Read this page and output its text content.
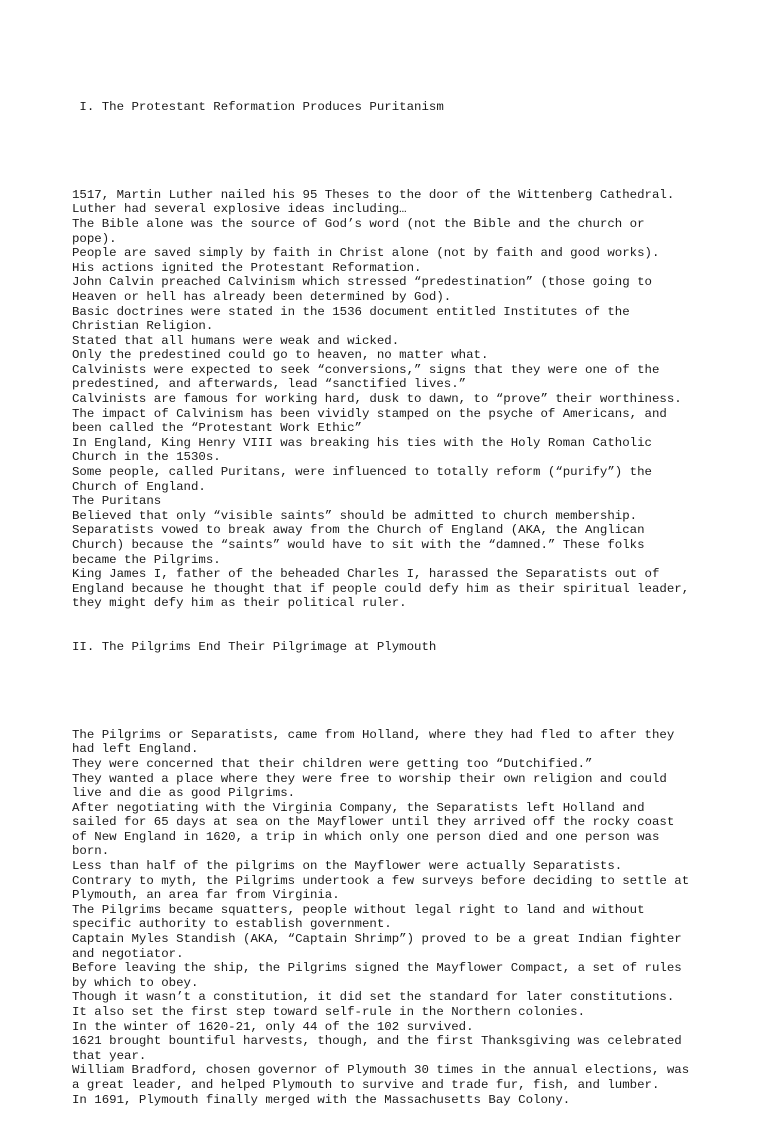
I. The Protestant Reformation Produces Puritanism

1517, Martin Luther nailed his 95 Theses to the door of the Wittenberg Cathedral.
Luther had several explosive ideas including…
The Bible alone was the source of God’s word (not the Bible and the church or
pope).
People are saved simply by faith in Christ alone (not by faith and good works).
His actions ignited the Protestant Reformation.
John Calvin preached Calvinism which stressed “predestination” (those going to
Heaven or hell has already been determined by God).
Basic doctrines were stated in the 1536 document entitled Institutes of the
Christian Religion.
Stated that all humans were weak and wicked.
Only the predestined could go to heaven, no matter what.
Calvinists were expected to seek “conversions,” signs that they were one of the
predestined, and afterwards, lead “sanctified lives.”
Calvinists are famous for working hard, dusk to dawn, to “prove” their worthiness.
The impact of Calvinism has been vividly stamped on the psyche of Americans, and
been called the “Protestant Work Ethic”
In England, King Henry VIII was breaking his ties with the Holy Roman Catholic
Church in the 1530s.
Some people, called Puritans, were influenced to totally reform (“purify”) the
Church of England.
The Puritans
Believed that only “visible saints” should be admitted to church membership.
Separatists vowed to break away from the Church of England (AKA, the Anglican
Church) because the “saints” would have to sit with the “damned.” These folks
became the Pilgrims.
King James I, father of the beheaded Charles I, harassed the Separatists out of
England because he thought that if people could defy him as their spiritual leader,
they might defy him as their political ruler.

II. The Pilgrims End Their Pilgrimage at Plymouth

The Pilgrims or Separatists, came from Holland, where they had fled to after they
had left England.
They were concerned that their children were getting too “Dutchified.”
They wanted a place where they were free to worship their own religion and could
live and die as good Pilgrims.
After negotiating with the Virginia Company, the Separatists left Holland and
sailed for 65 days at sea on the Mayflower until they arrived off the rocky coast
of New England in 1620, a trip in which only one person died and one person was
born.
Less than half of the pilgrims on the Mayflower were actually Separatists.
Contrary to myth, the Pilgrims undertook a few surveys before deciding to settle at
Plymouth, an area far from Virginia.
The Pilgrims became squatters, people without legal right to land and without
specific authority to establish government.
Captain Myles Standish (AKA, “Captain Shrimp”) proved to be a great Indian fighter
and negotiator.
Before leaving the ship, the Pilgrims signed the Mayflower Compact, a set of rules
by which to obey.
Though it wasn’t a constitution, it did set the standard for later constitutions.
It also set the first step toward self-rule in the Northern colonies.
In the winter of 1620-21, only 44 of the 102 survived.
1621 brought bountiful harvests, though, and the first Thanksgiving was celebrated
that year.
William Bradford, chosen governor of Plymouth 30 times in the annual elections, was
a great leader, and helped Plymouth to survive and trade fur, fish, and lumber.
In 1691, Plymouth finally merged with the Massachusetts Bay Colony.
